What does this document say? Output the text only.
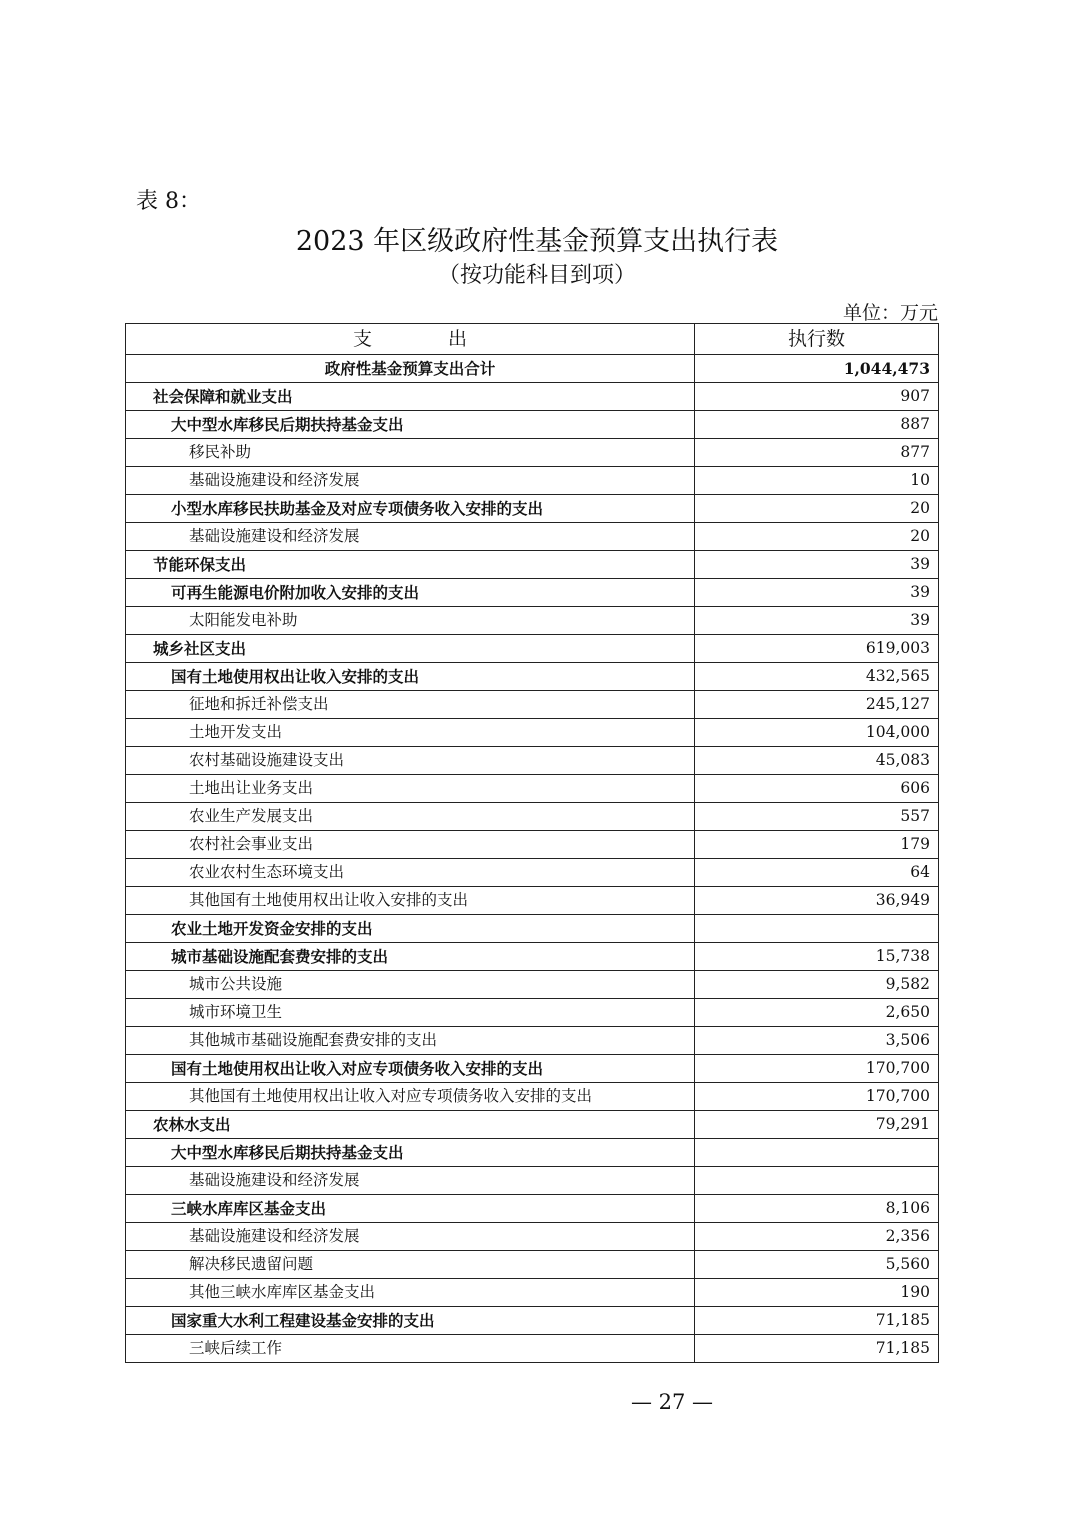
表 8：
2023 年区级政府性基金预算支出执行表
（按功能科目到项）
单位：万元
支　　　　出	执行数
政府性基金预算支出合计	1,044,473
社会保障和就业支出	907
大中型水库移民后期扶持基金支出	887
移民补助	877
基础设施建设和经济发展	10
小型水库移民扶助基金及对应专项债务收入安排的支出	20
基础设施建设和经济发展	20
节能环保支出	39
可再生能源电价附加收入安排的支出	39
太阳能发电补助	39
城乡社区支出	619,003
国有土地使用权出让收入安排的支出	432,565
征地和拆迁补偿支出	245,127
土地开发支出	104,000
农村基础设施建设支出	45,083
土地出让业务支出	606
农业生产发展支出	557
农村社会事业支出	179
农业农村生态环境支出	64
其他国有土地使用权出让收入安排的支出	36,949
农业土地开发资金安排的支出	
城市基础设施配套费安排的支出	15,738
城市公共设施	9,582
城市环境卫生	2,650
其他城市基础设施配套费安排的支出	3,506
国有土地使用权出让收入对应专项债务收入安排的支出	170,700
其他国有土地使用权出让收入对应专项债务收入安排的支出	170,700
农林水支出	79,291
大中型水库移民后期扶持基金支出	
基础设施建设和经济发展	
三峡水库库区基金支出	8,106
基础设施建设和经济发展	2,356
解决移民遗留问题	5,560
其他三峡水库库区基金支出	190
国家重大水利工程建设基金安排的支出	71,185
三峡后续工作	71,185
— 27 —
